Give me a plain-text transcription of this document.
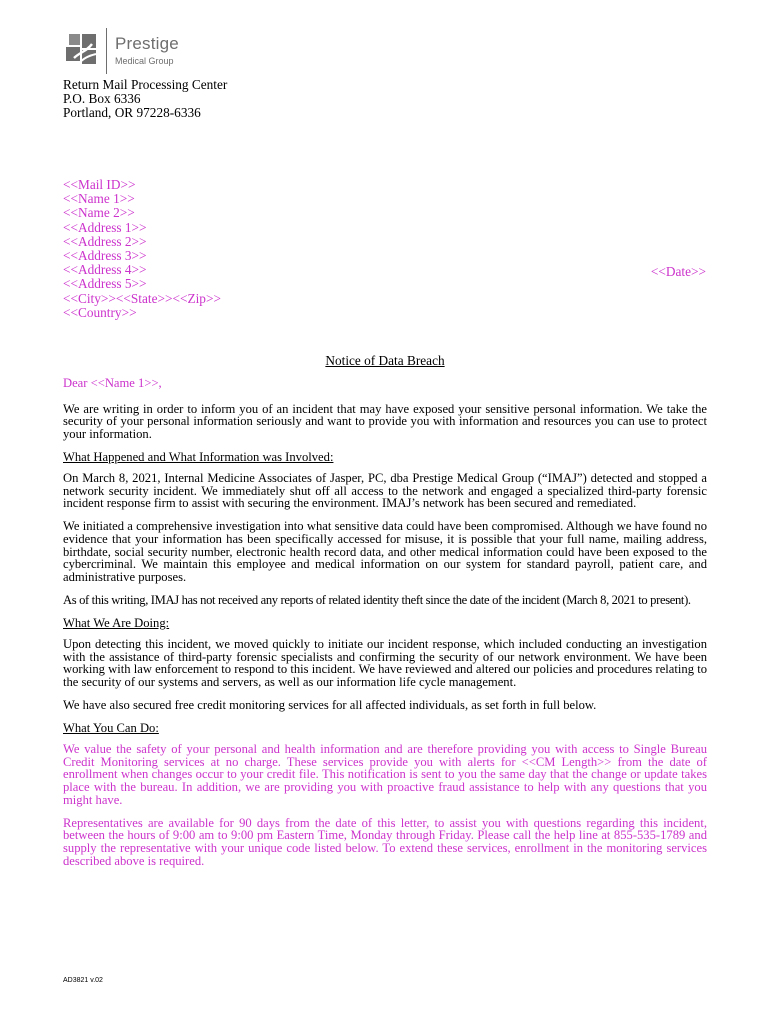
Prestige
Medical Group
Return Mail Processing Center
P.O. Box 6336
Portland, OR 97228-6336
<<Mail ID>>
<<Name 1>>
<<Name 2>>
<<Address 1>>
<<Address 2>>
<<Address 3>>
<<Address 4>>
<<Address 5>>
<<City>><<State>><<Zip>>
<<Country>>
<<Date>>
Notice of Data Breach

Dear <<Name 1>>,

We are writing in order to inform you of an incident that may have exposed your sensitive personal information. We take the security of your personal information seriously and want to provide you with information and resources you can use to protect your information.

What Happened and What Information was Involved:

On March 8, 2021, Internal Medicine Associates of Jasper, PC, dba Prestige Medical Group (“IMAJ”) detected and stopped a network security incident. We immediately shut off all access to the network and engaged a specialized third-party forensic incident response firm to assist with securing the environment. IMAJ’s network has been secured and remediated.

We initiated a comprehensive investigation into what sensitive data could have been compromised. Although we have found no evidence that your information has been specifically accessed for misuse, it is possible that your full name, mailing address, birthdate, social security number, electronic health record data, and other medical information could have been exposed to the cybercriminal. We maintain this employee and medical information on our system for standard payroll, patient care, and administrative purposes.

As of this writing, IMAJ has not received any reports of related identity theft since the date of the incident (March 8, 2021 to present).

What We Are Doing:

Upon detecting this incident, we moved quickly to initiate our incident response, which included conducting an investigation with the assistance of third-party forensic specialists and confirming the security of our network environment. We have been working with law enforcement to respond to this incident. We have reviewed and altered our policies and procedures relating to the security of our systems and servers, as well as our information life cycle management.

We have also secured free credit monitoring services for all affected individuals, as set forth in full below.

What You Can Do:

We value the safety of your personal and health information and are therefore providing you with access to Single Bureau Credit Monitoring services at no charge. These services provide you with alerts for <<CM Length>> from the date of enrollment when changes occur to your credit file. This notification is sent to you the same day that the change or update takes place with the bureau. In addition, we are providing you with proactive fraud assistance to help with any questions that you might have.

Representatives are available for 90 days from the date of this letter, to assist you with questions regarding this incident, between the hours of 9:00 am to 9:00 pm Eastern Time, Monday through Friday. Please call the help line at 855-535-1789 and supply the representative with your unique code listed below. To extend these services, enrollment in the monitoring services described above is required.

AD3821 v.02
